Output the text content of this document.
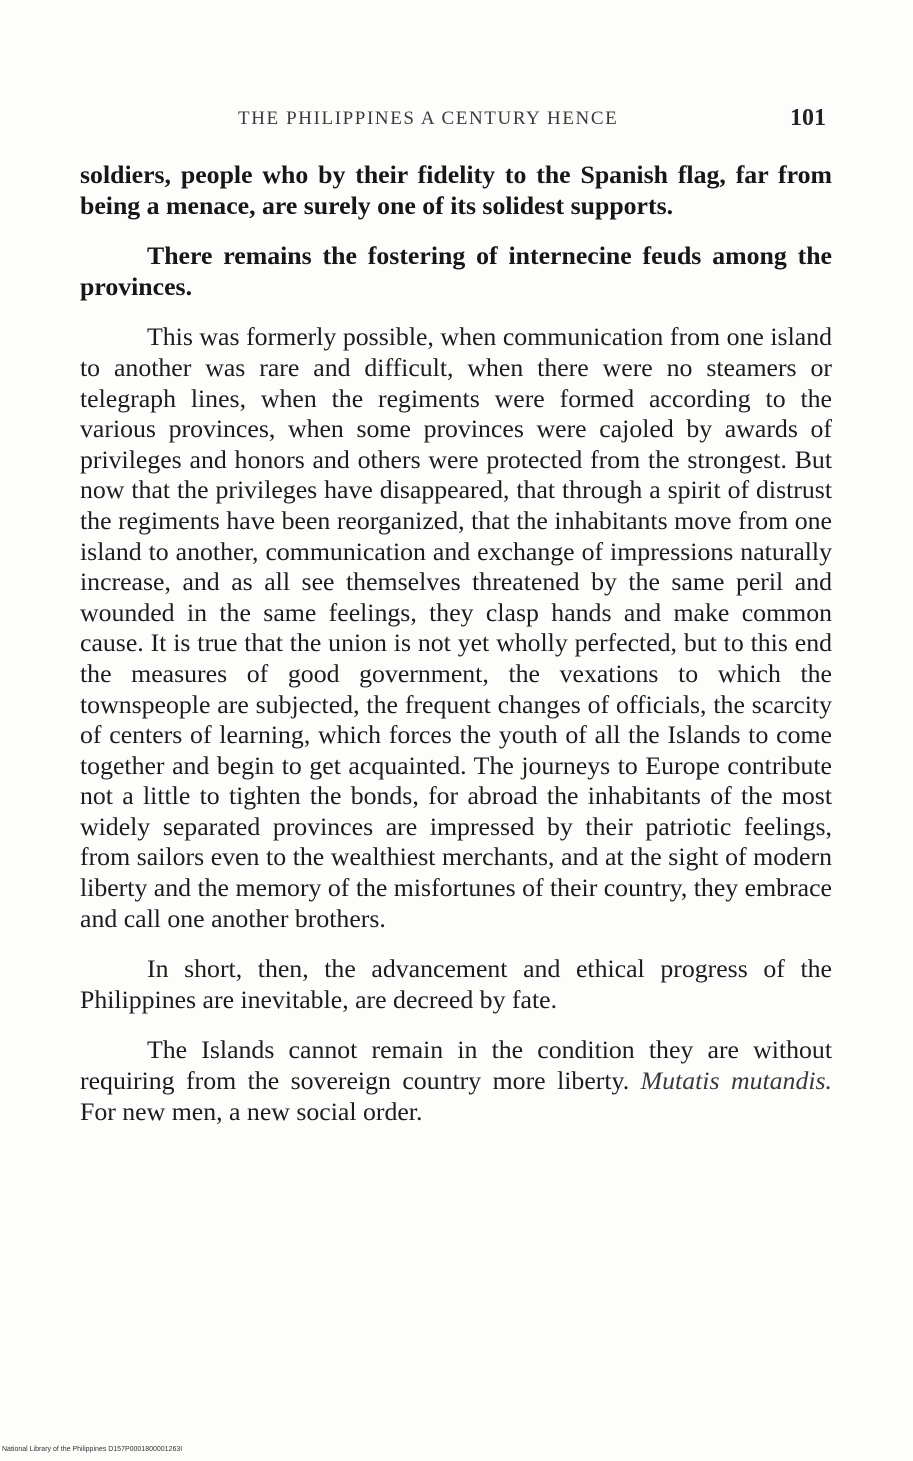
THE PHILIPPINES A CENTURY HENCE	101

soldiers, people who by their fidelity to the Spanish flag, far from being a menace, are surely one of its solidest supports.

There remains the fostering of internecine feuds among the provinces.

This was formerly possible, when communication from one island to another was rare and difficult, when there were no steamers or telegraph lines, when the regiments were formed according to the various provinces, when some provinces were cajoled by awards of privileges and honors and others were protected from the strongest. But now that the privileges have disappeared, that through a spirit of distrust the regiments have been reorganized, that the inhabitants move from one island to another, communication and exchange of impressions naturally increase, and as all see themselves threatened by the same peril and wounded in the same feelings, they clasp hands and make common cause. It is true that the union is not yet wholly perfected, but to this end the measures of good government, the vexations to which the townspeople are subjected, the frequent changes of officials, the scarcity of centers of learning, which forces the youth of all the Islands to come together and begin to get acquainted. The journeys to Europe contribute not a little to tighten the bonds, for abroad the inhabitants of the most widely separated provinces are impressed by their patriotic feelings, from sailors even to the wealthiest merchants, and at the sight of modern liberty and the memory of the misfortunes of their country, they embrace and call one another brothers.

In short, then, the advancement and ethical progress of the Philippines are inevitable, are decreed by fate.

The Islands cannot remain in the condition they are without requiring from the sovereign country more liberty. Mutatis mutandis. For new men, a new social order.

National Library of the Philippines D157P0001800001263I
